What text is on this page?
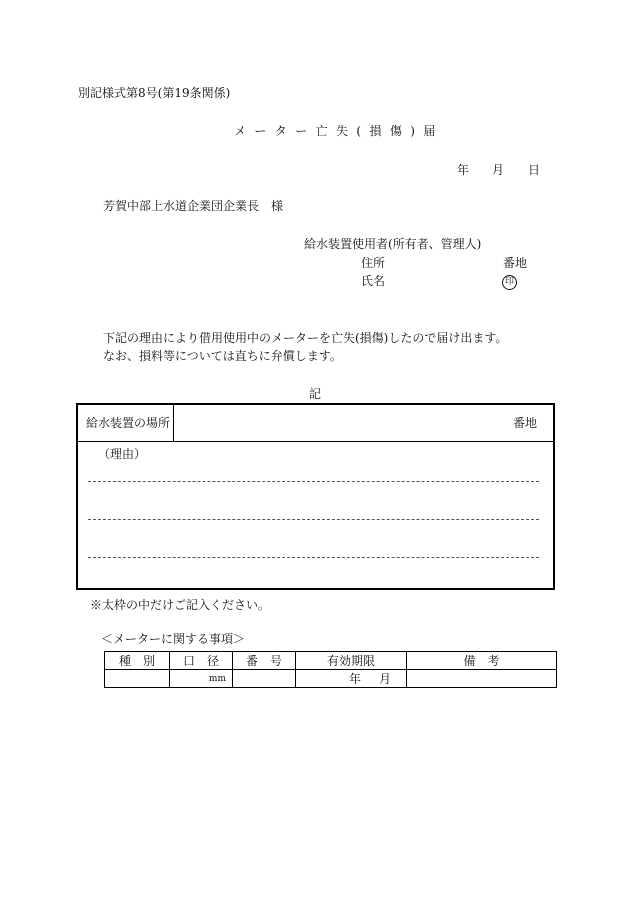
別記様式第8号(第19条関係)
メーター亡失(損傷)届
年 月 日
芳賀中部上水道企業団企業長　様
給水装置使用者(所有者、管理人)
住所	番地
氏名	印
下記の理由により借用使用中のメーターを亡失(損傷)したので届け出ます。
なお、損料等については直ちに弁償します。
記
給水装置の場所	番地
（理由）
※太枠の中だけご記入ください。
＜メーターに関する事項＞
種　別	口　径	番　号	有効期限	備　考
	mm		年 月	
